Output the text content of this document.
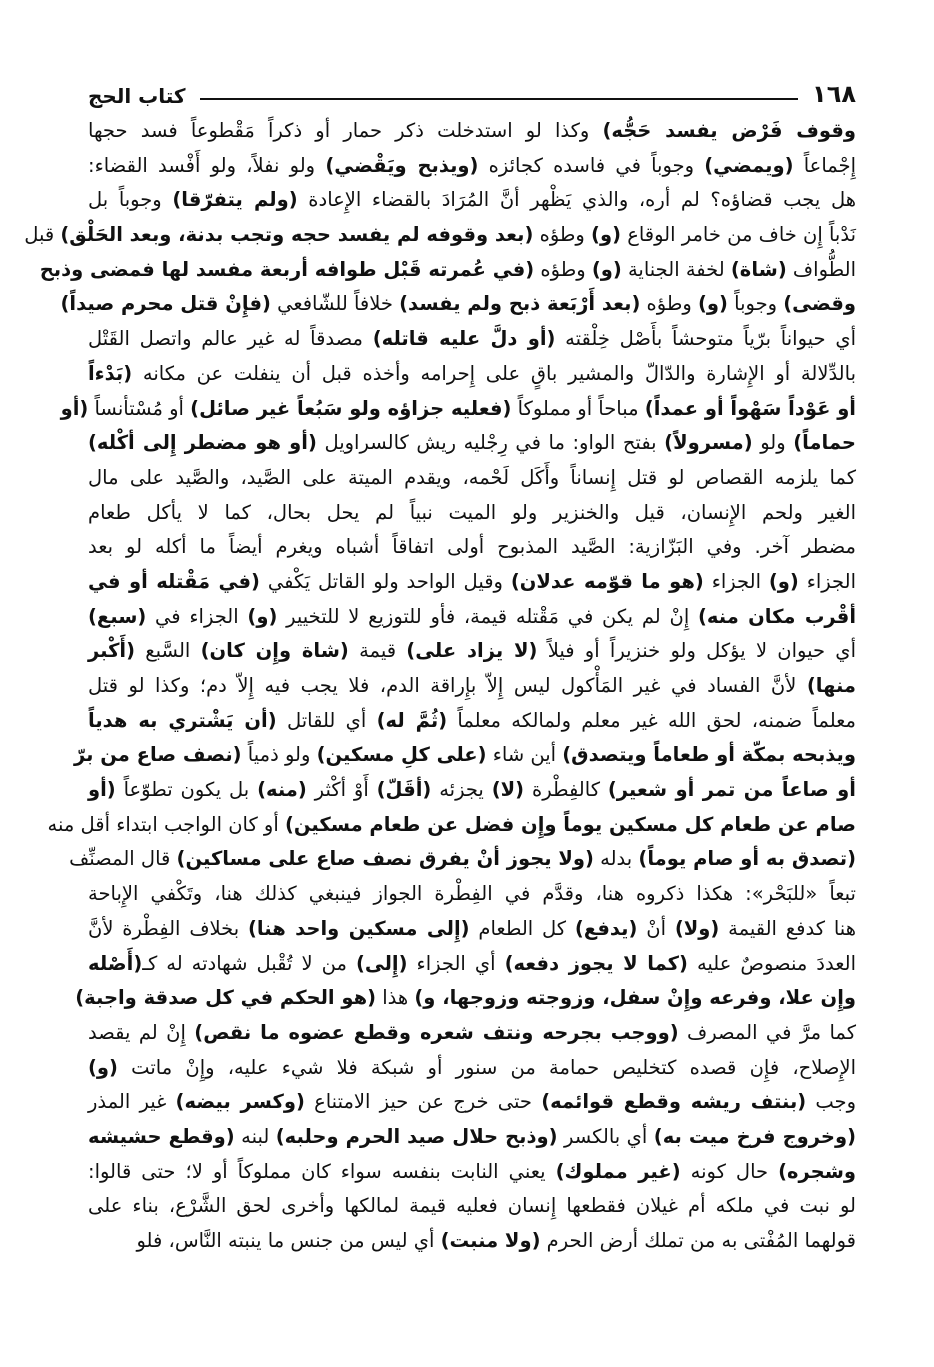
١٦٨
كتاب الحج
وقوف فَرْض يفسد حَجُّه) وكذا لو استدخلت ذكر حمار أو ذكراً مَقْطوعاً فسد حجها
إِجْماعاً (ويمضي) وجوباً في فاسده كجائزه (ويذبح ويَقْضي) ولو نفلاً، ولو أَفْسد القضاء:
هل يجب قضاؤه؟ لم أره، والذي يَظْهر أنَّ المُرَادَ بالقضاء الإِعادة (ولم يتفرّقا) وجوباً بل
نَدْباً إِن خاف من خامر الوقاع (و) وطؤه (بعد وقوفه لم يفسد حجه وتجب بدنة، وبعد الحَلْق) قبل
الطُّواف (شاة) لخفة الجناية (و) وطؤه (في عُمرته قَبْل طوافه أربعة مفسد لها فمضى وذبح
وقضى) وجوباً (و) وطؤه (بعد أَرْبَعة ذبح ولم يفسد) خلافاً للشّافعي (فإِنْ قتل محرم صيداً)
أي حيواناً برّياً متوحشاً بأَصْل خِلْقته (أو دلَّ عليه قاتله) مصدقاً له غير عالم واتصل القَتْل
بالدِّلالة أو الإِشارة والدّالّ والمشير باقٍ على إِحرامه وأخذه قبل أن ينفلت عن مكانه (بَدْءاً
أو عَوْداً سَهْواً أو عمداً) مباحاً أو مملوكاً (فعليه جزاؤه ولو سَبُعاً غير صائل) أو مُسْتأنساً (أو
حماماً) ولو (مسرولاً) بفتح الواو: ما في رِجْليه ريش كالسراويل (أو هو مضطر إِلى أكْله)
كما يلزمه القصاص لو قتل إِنساناً وأَكَل لَحْمه، ويقدم الميتة على الصَّيد، والصَّيد على مال
الغير ولحم الإِنسان، قيل والخنزير ولو الميت نبياً لم يحل بحال، كما لا يأكل طعام
مضطر آخر. وفي البَزّازية: الصَّيد المذبوح أولى اتفاقاً أشباه ويغرم أيضاً ما أكله لو بعد
الجزاء (و) الجزاء (هو ما قوّمه عدلان) وقيل الواحد ولو القاتل يَكْفي (في مَقْتله أو في
أقْرب مكان منه) إِنْ لم يكن في مَقْتله قيمة، فأو للتوزيع لا للتخيير (و) الجزاء في (سبع)
أي حيوان لا يؤكل ولو خنزيراً أو فيلاً (لا يزاد على) قيمة (شاة وإِن كان) السَّبع (أَكْبر
منها) لأنَّ الفساد في غير المَأْكول ليس إِلاّ بإِراقة الدم، فلا يجب فيه إِلاّ دم؛ وكذا لو قتل
معلماً ضمنه، لحق الله غير معلم ولمالكه معلماً (ثُمَّ له) أي للقاتل (أن يَشْتري به هدياً
ويذبحه بمكّة أو طعاماً ويتصدق) أين شاء (على كلِ مسكين) ولو ذمياً (نصف صاع من برّ
أو صاعاً من تمر أو شعير) كالفِطْرة (لا) يجزئه (أقَلّ) أَوْ أكْثر (منه) بل يكون تطوّعاً (أو
صام عن طعام كل مسكين يوماً وإِن فضل عن طعام مسكين) أو كان الواجب ابتداء أقل منه
(تصدق به أو صام يوماً) بدله (ولا يجوز أنْ يفرق نصف صاع على مساكين) قال المصنِّف
تبعاً «للبَحْر»: هكذا ذكروه هنا، وقدَّم في الفِطْرة الجواز فينبغي كذلك هنا، وتَكْفي الإِباحة
هنا كدفع القيمة (ولا) أنْ (يدفع) كل الطعام (إِلى مسكين واحد هنا) بخلاف الفِطْرة لأنَّ
العددَ منصوصٌ عليه (كما لا يجوز دفعه) أي الجزاء (إِلى) من لا تُقْبل شهادته له كـ(أَصْله
وإِن علا، وفرعه وإِنْ سفل، وزوجته وزوجها، و) هذا (هو الحكم في كل صدقة واجبة)
كما مرَّ في المصرف (ووجب بجرحه ونتف شعره وقطع عضوه ما نقص) إِنْ لم يقصد
الإِصلاح، فإِن قصده كتخليص حمامة من سنور أو شبكة فلا شيء عليه، وإِنْ ماتت (و)
وجب (بنتف ريشه وقطع قوائمه) حتى خرج عن حيز الامتناع (وكسر بيضه) غير المذر
(وخروج فرخ ميت به) أي بالكسر (وذبح حلال صيد الحرم وحلبه) لبنه (وقطع حشيشه
وشجره) حال كونه (غير مملوك) يعني النابت بنفسه سواء كان مملوكاً أو لا؛ حتى قالوا:
لو نبت في ملكه أم غيلان فقطعها إِنسان فعليه قيمة لمالكها وأخرى لحق الشَّرْع، بناء على
قولهما المُفْتى به من تملك أرض الحرم (ولا منبت) أي ليس من جنس ما ينبته النَّاس، فلو
